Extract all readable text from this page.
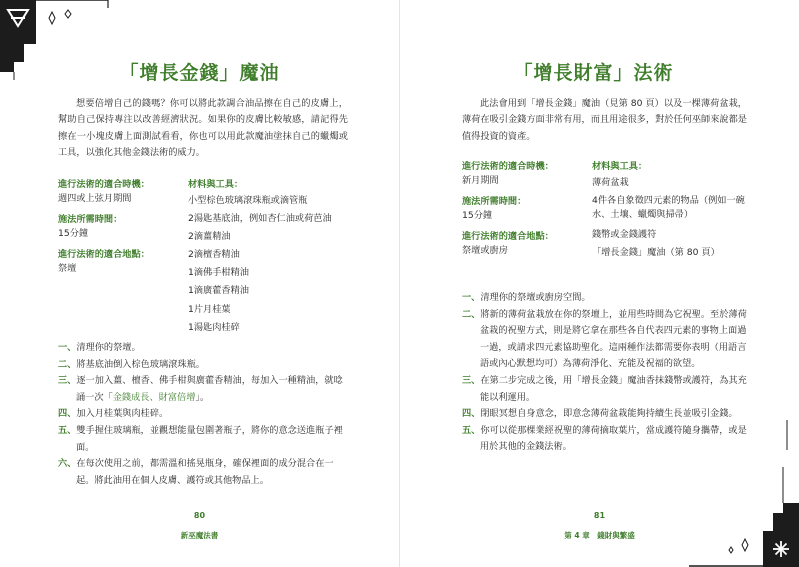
「增長金錢」魔油
想要倍增自己的錢嗎？你可以將此款調合油品擦在自己的皮膚上，幫助自己保持專注以改善經濟狀況。如果你的皮膚比較敏感，請記得先擦在一小塊皮膚上面測試看看，你也可以用此款魔油塗抹自己的蠟燭或工具，以強化其他金錢法術的威力。

進行法術的適合時機：

週四或上弦月期間

施法所需時間：

15分鐘

進行法術的適合地點：

祭壇

材料與工具：

小型棕色玻璃滾珠瓶或滴管瓶
2湯匙基底油，例如杏仁油或荷芭油
2滴薑精油
2滴檀香精油
1滴佛手柑精油
1滴廣藿香精油
1片月桂葉
1湯匙肉桂碎
一、清理你的祭壇。
二、將基底油倒入棕色玻璃滾珠瓶。
三、逐一加入薑、檀香、佛手柑與廣藿香精油，每加入一種精油，就唸誦一次「金錢成長、財富倍增」。
四、加入月桂葉與肉桂碎。
五、雙手握住玻璃瓶，並觀想能量包圍著瓶子，將你的意念送進瓶子裡面。
六、在每次使用之前，都需溫和搖晃瓶身，確保裡面的成分混合在一起。將此油用在個人皮膚、護符或其他物品上。
80
新巫魔法書
「增長財富」法術
此法會用到「增長金錢」魔油（見第 80 頁）以及一棵薄荷盆栽，薄荷在吸引金錢方面非常有用，而且用途很多，對於任何巫師來說都是值得投資的資產。

進行法術的適合時機：

新月期間

施法所需時間：

15分鐘

進行法術的適合地點：

祭壇或廚房

材料與工具：

薄荷盆栽
4件各自象徵四元素的物品（例如一碗水、土壤、蠟燭與掃帚）
錢幣或金錢護符
「增長金錢」魔油（第 80 頁）
一、清理你的祭壇或廚房空間。
二、將新的薄荷盆栽放在你的祭壇上，並用些時間為它祝聖。至於薄荷盆栽的祝聖方式，則是將它拿在那些各自代表四元素的事物上面過一過，或請求四元素協助聖化。這兩種作法都需要你表明（用語言語或內心默想均可）為薄荷淨化、充能及祝福的欲望。
三、在第二步完成之後，用「增長金錢」魔油香抹錢幣或護符，為其充能以利運用。
四、閉眼冥想自身意念，即意念薄荷盆栽能夠持續生長並吸引金錢。
五、你可以從那棵業經祝聖的薄荷摘取葉片，當成護符隨身攜帶，或是用於其他的金錢法術。
81
第 4 章　錢財與繁盛
